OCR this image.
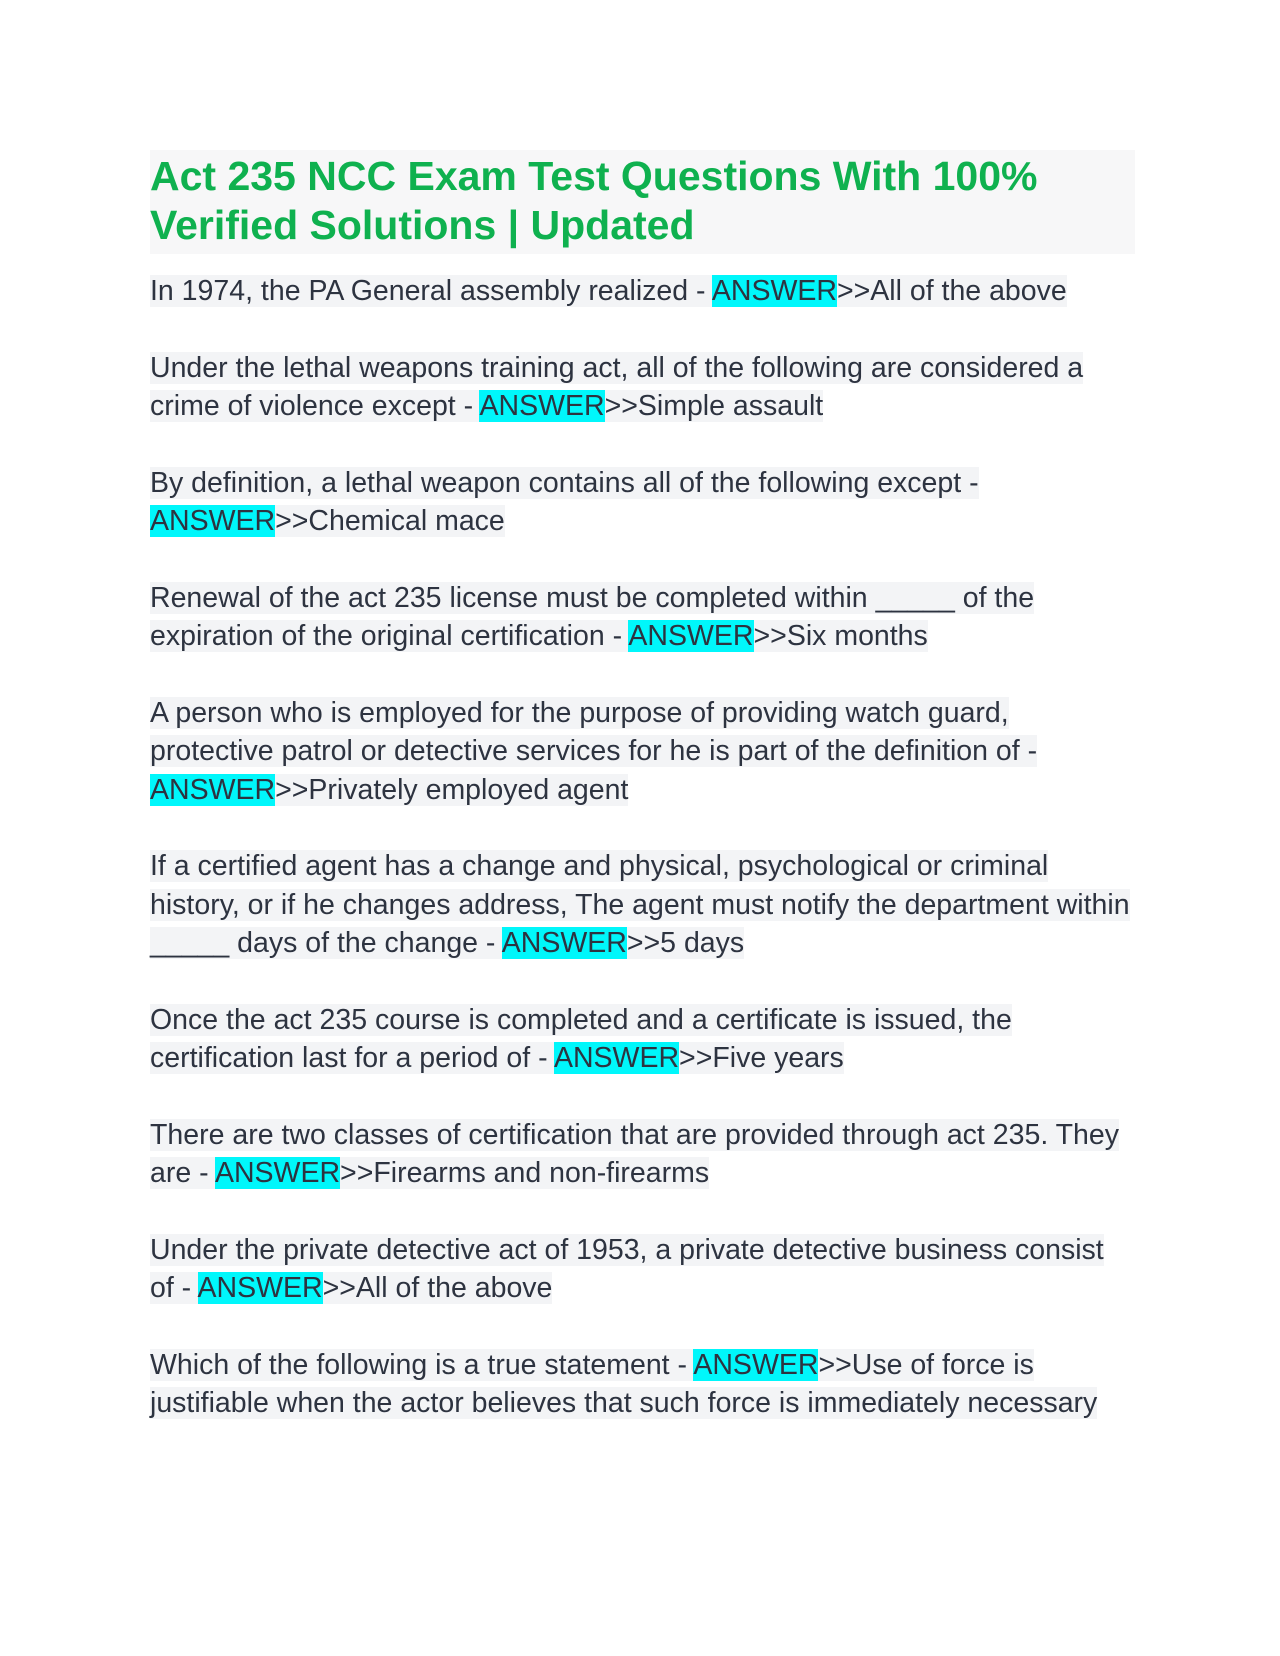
Act 235 NCC Exam Test Questions With 100% Verified Solutions | Updated

In 1974, the PA General assembly realized - ANSWER>>All of the above

Under the lethal weapons training act, all of the following are considered a crime of violence except - ANSWER>>Simple assault

By definition, a lethal weapon contains all of the following except - ANSWER>>Chemical mace

Renewal of the act 235 license must be completed within _____ of the expiration of the original certification - ANSWER>>Six months

A person who is employed for the purpose of providing watch guard, protective patrol or detective services for he is part of the definition of - ANSWER>>Privately employed agent

If a certified agent has a change and physical, psychological or criminal history, or if he changes address, The agent must notify the department within _____ days of the change - ANSWER>>5 days

Once the act 235 course is completed and a certificate is issued, the certification last for a period of - ANSWER>>Five years

There are two classes of certification that are provided through act 235. They are - ANSWER>>Firearms and non-firearms

Under the private detective act of 1953, a private detective business consist of - ANSWER>>All of the above

Which of the following is a true statement - ANSWER>>Use of force is justifiable when the actor believes that such force is immediately necessary
